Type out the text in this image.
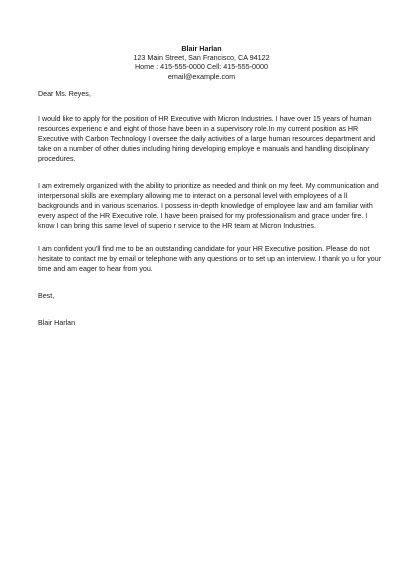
Blair Harlan
123 Main Street, San Francisco, CA 94122
Home : 415-555-0000 Cell: 415-555-0000
email@example.com
Dear Ms. Reyes,
I would like to apply for the position of HR Executive with Micron Industries. I have over 15 years of human
resources experienc e and eight of those have been in a supervisory role.In my current position as HR
Executive with Carbon Technology I oversee the daily activities of a large human resources department and
take on a number of other duties including hiring developing employe e manuals and handling disciplinary
procedures.
I am extremely organized with the ability to prioritize as needed and think on my feet. My communication and
interpersonal skills are exemplary allowing me to interact on a personal level with employees of a ll
backgrounds and in various scenarios. I possess in-depth knowledge of employee law and am familiar with
every aspect of the HR Executive role. I have been praised for my professionalism and grace under fire. I
know I can bring this same level of superio r service to the HR team at Micron Industries.
I am confident you'll find me to be an outstanding candidate for your HR Executive position. Please do not
hesitate to contact me by email or telephone with any questions or to set up an interview. I thank yo u for your
time and am eager to hear from you.
Best,
Blair Harlan
